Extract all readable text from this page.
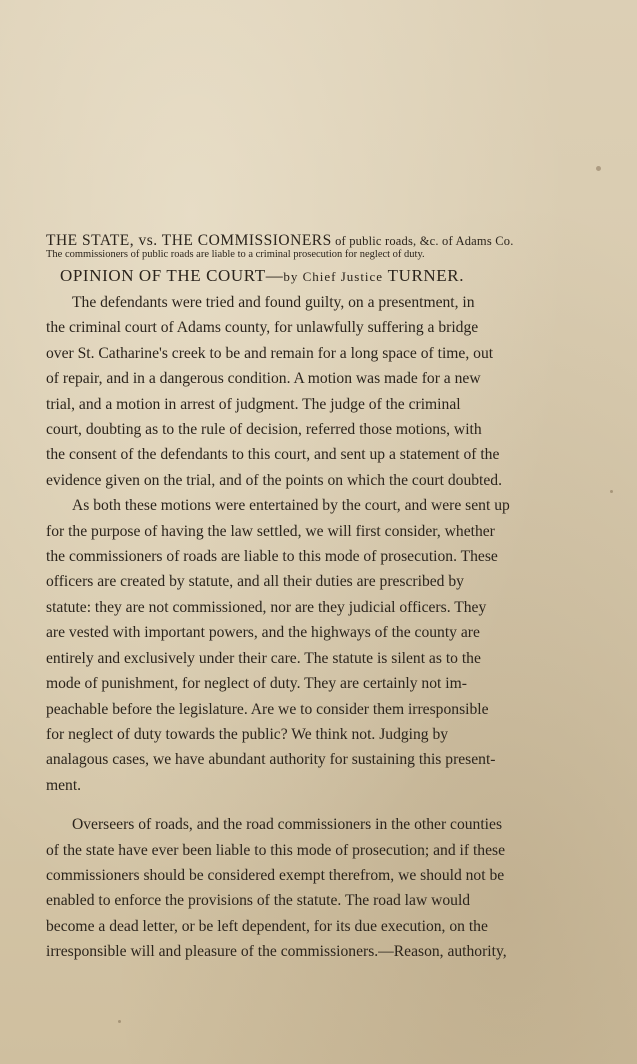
THE STATE, vs. THE COMMISSIONERS of public roads, &c. of Adams Co.
The commissioners of public roads are liable to a criminal prosecution for neglect of duty.
OPINION OF THE COURT—by Chief Justice TURNER.
The defendants were tried and found guilty, on a presentment, in
the criminal court of Adams county, for unlawfully suffering a bridge
over St. Catharine's creek to be and remain for a long space of time, out
of repair, and in a dangerous condition. A motion was made for a new
trial, and a motion in arrest of judgment. The judge of the criminal
court, doubting as to the rule of decision, referred those motions, with
the consent of the defendants to this court, and sent up a statement of the
evidence given on the trial, and of the points on which the court doubted.
As both these motions were entertained by the court, and were sent up
for the purpose of having the law settled, we will first consider, whether
the commissioners of roads are liable to this mode of prosecution. These
officers are created by statute, and all their duties are prescribed by
statute: they are not commissioned, nor are they judicial officers. They
are vested with important powers, and the highways of the county are
entirely and exclusively under their care. The statute is silent as to the
mode of punishment, for neglect of duty. They are certainly not im-
peachable before the legislature. Are we to consider them irresponsible
for neglect of duty towards the public? We think not. Judging by
analagous cases, we have abundant authority for sustaining this present-
ment.
Overseers of roads, and the road commissioners in the other counties
of the state have ever been liable to this mode of prosecution; and if these
commissioners should be considered exempt therefrom, we should not be
enabled to enforce the provisions of the statute. The road law would
become a dead letter, or be left dependent, for its due execution, on the
irresponsible will and pleasure of the commissioners.—Reason, authority,
